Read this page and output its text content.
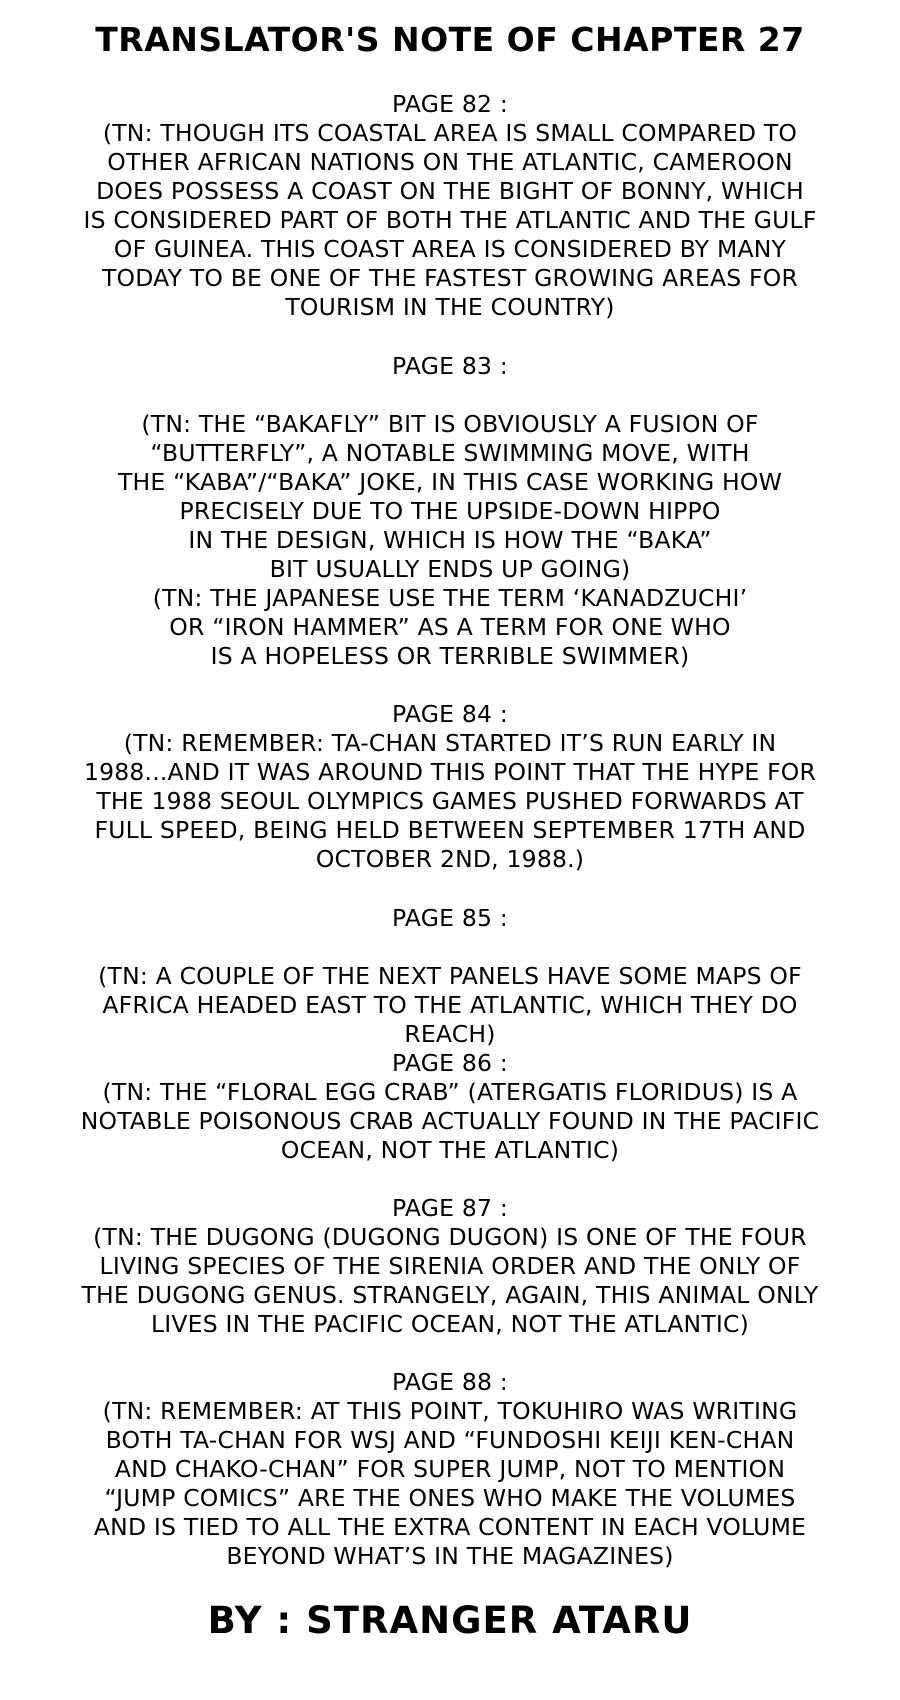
TRANSLATOR'S NOTE OF CHAPTER 27
PAGE 82 :
(TN: THOUGH ITS COASTAL AREA IS SMALL COMPARED TO
OTHER AFRICAN NATIONS ON THE ATLANTIC, CAMEROON
DOES POSSESS A COAST ON THE BIGHT OF BONNY, WHICH
IS CONSIDERED PART OF BOTH THE ATLANTIC AND THE GULF
OF GUINEA. THIS COAST AREA IS CONSIDERED BY MANY
TODAY TO BE ONE OF THE FASTEST GROWING AREAS FOR
TOURISM IN THE COUNTRY)
PAGE 83 :
(TN: THE “BAKAFLY” BIT IS OBVIOUSLY A FUSION OF
“BUTTERFLY”, A NOTABLE SWIMMING MOVE, WITH
THE “KABA”/“BAKA” JOKE, IN THIS CASE WORKING HOW
PRECISELY DUE TO THE UPSIDE-DOWN HIPPO
IN THE DESIGN, WHICH IS HOW THE “BAKA”
BIT USUALLY ENDS UP GOING)
(TN: THE JAPANESE USE THE TERM ‘KANADZUCHI’
OR “IRON HAMMER” AS A TERM FOR ONE WHO
IS A HOPELESS OR TERRIBLE SWIMMER)
PAGE 84 :
(TN: REMEMBER: TA-CHAN STARTED IT’S RUN EARLY IN
1988...AND IT WAS AROUND THIS POINT THAT THE HYPE FOR
THE 1988 SEOUL OLYMPICS GAMES PUSHED FORWARDS AT
FULL SPEED, BEING HELD BETWEEN SEPTEMBER 17TH AND
OCTOBER 2ND, 1988.)
PAGE 85 :
(TN: A COUPLE OF THE NEXT PANELS HAVE SOME MAPS OF
AFRICA HEADED EAST TO THE ATLANTIC, WHICH THEY DO
REACH)
PAGE 86 :
(TN: THE “FLORAL EGG CRAB” (ATERGATIS FLORIDUS) IS A
NOTABLE POISONOUS CRAB ACTUALLY FOUND IN THE PACIFIC
OCEAN, NOT THE ATLANTIC)
PAGE 87 :
(TN: THE DUGONG (DUGONG DUGON) IS ONE OF THE FOUR
LIVING SPECIES OF THE SIRENIA ORDER AND THE ONLY OF
THE DUGONG GENUS. STRANGELY, AGAIN, THIS ANIMAL ONLY
LIVES IN THE PACIFIC OCEAN, NOT THE ATLANTIC)
PAGE 88 :
(TN: REMEMBER: AT THIS POINT, TOKUHIRO WAS WRITING
BOTH TA-CHAN FOR WSJ AND “FUNDOSHI KEIJI KEN-CHAN
AND CHAKO-CHAN” FOR SUPER JUMP, NOT TO MENTION
“JUMP COMICS” ARE THE ONES WHO MAKE THE VOLUMES
AND IS TIED TO ALL THE EXTRA CONTENT IN EACH VOLUME
BEYOND WHAT’S IN THE MAGAZINES)
BY : STRANGER ATARU
